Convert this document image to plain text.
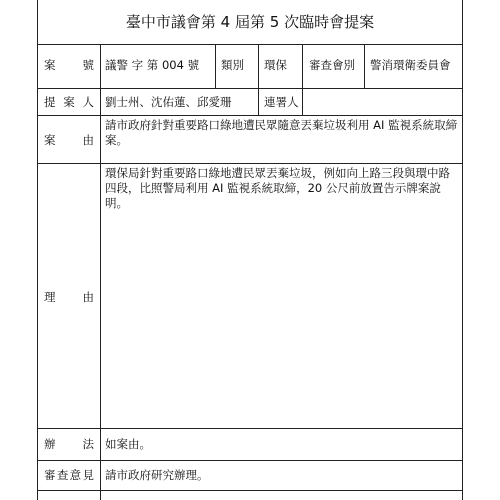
臺中市議會第 4 屆第 5 次臨時會提案
案　　號 議警 字 第 004 號 類別 環保 審查會別 警消環衛委員會
提 案 人 劉士州、沈佑蓮、邱愛珊	連署人
案　　由
請市政府針對重要路口綠地遭民眾隨意丟棄垃圾利用 AI 監視系統取締案。
理　　由
環保局針對重要路口綠地遭民眾丟棄垃圾，例如向上路三段與環中路四段，比照警局利用 AI 監視系統取締，20 公尺前放置告示牌案說明。
辦　　法 如案由。
審查意見 請市政府研究辦理。
